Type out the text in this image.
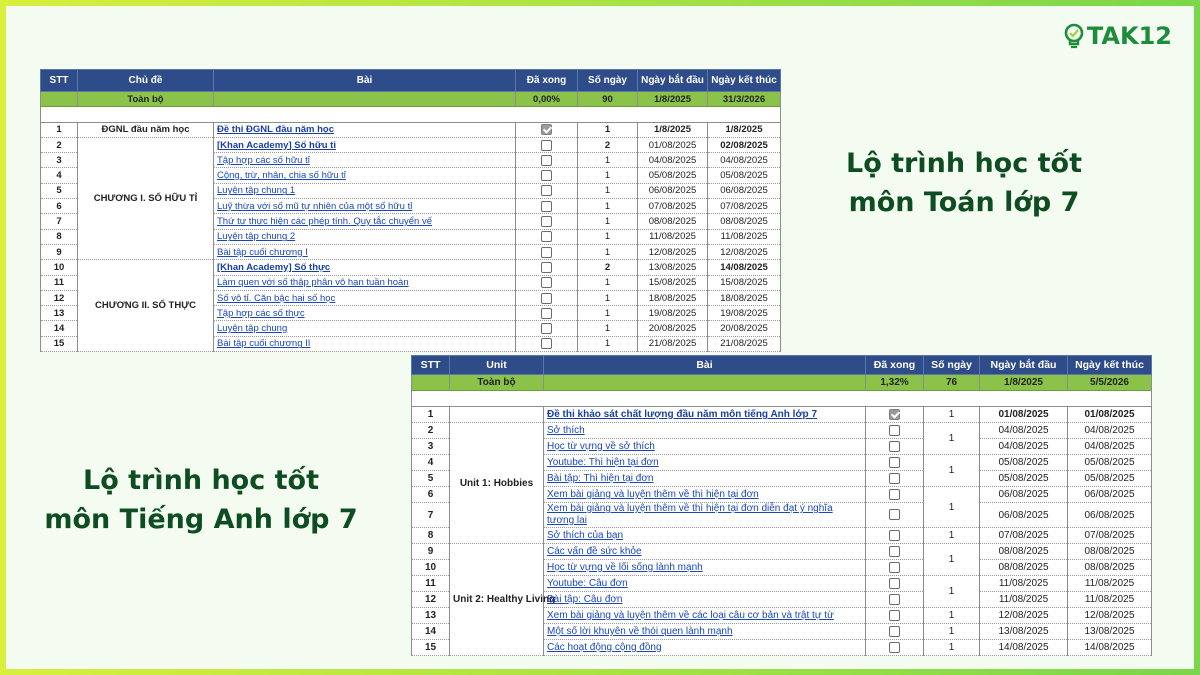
TAK12
Lộ trình học tốt
môn Toán lớp 7
Lộ trình học tốt
môn Tiếng Anh lớp 7
STT	Chủ đề	Bài	Đã xong	Số ngày	Ngày bắt đầu	Ngày kết thúc
	Toàn bộ		0,00%	90	1/8/2025	31/3/2026

1	ĐGNL đầu năm học	Đề thi ĐGNL đầu năm học		1	1/8/2025	1/8/2025
2	CHƯƠNG I. SỐ HỮU TỈ	[Khan Academy] Số hữu tỉ		2	01/08/2025	02/08/2025
3		Tập hợp các số hữu tỉ		1	04/08/2025	04/08/2025
4		Cộng, trừ, nhân, chia số hữu tỉ		1	05/08/2025	05/08/2025
5		Luyện tập chung 1		1	06/08/2025	06/08/2025
6		Luỹ thừa với số mũ tự nhiên của một số hữu tỉ		1	07/08/2025	07/08/2025
7		Thứ tự thực hiện các phép tính. Quy tắc chuyển vế		1	08/08/2025	08/08/2025
8		Luyện tập chung 2		1	11/08/2025	11/08/2025
9		Bài tập cuối chương I		1	12/08/2025	12/08/2025
10	CHƯƠNG II. SỐ THỰC	[Khan Academy] Số thực		2	13/08/2025	14/08/2025
11		Làm quen với số thập phân vô hạn tuần hoàn		1	15/08/2025	15/08/2025
12		Số vô tỉ. Căn bậc hai số học		1	18/08/2025	18/08/2025
13		Tập hợp các số thực		1	19/08/2025	19/08/2025
14		Luyện tập chung		1	20/08/2025	20/08/2025
15		Bài tập cuối chương II		1	21/08/2025	21/08/2025
STT	Unit	Bài	Đã xong	Số ngày	Ngày bắt đầu	Ngày kết thúc
	Toàn bộ		1,32%	76	1/8/2025	5/5/2026

1		Đề thi khảo sát chất lượng đầu năm môn tiếng Anh lớp 7		1	01/08/2025	01/08/2025
2	Unit 1: Hobbies	Sở thích		1	04/08/2025	04/08/2025
3		Học từ vựng về sở thích			04/08/2025	04/08/2025
4		Youtube: Thì hiện tại đơn		1	05/08/2025	05/08/2025
5		Bài tập: Thì hiện tại đơn			05/08/2025	05/08/2025
6		Xem bài giảng và luyện thêm về thì hiện tại đơn		1	06/08/2025	06/08/2025
7		Xem bài giảng và luyện thêm về thì hiện tại đơn diễn đạt ý nghĩa tương lai			06/08/2025	06/08/2025
8		Sở thích của bạn		1	07/08/2025	07/08/2025
9	Unit 2: Healthy Living	Các vấn đề sức khỏe		1	08/08/2025	08/08/2025
10		Học từ vựng về lối sống lành mạnh			08/08/2025	08/08/2025
11		Youtube: Câu đơn		1	11/08/2025	11/08/2025
12		Bài tập: Câu đơn			11/08/2025	11/08/2025
13		Xem bài giảng và luyện thêm về các loại câu cơ bản và trật tự từ		1	12/08/2025	12/08/2025
14		Một số lời khuyên về thói quen lành mạnh		1	13/08/2025	13/08/2025
15		Các hoạt động cộng đồng		1	14/08/2025	14/08/2025
